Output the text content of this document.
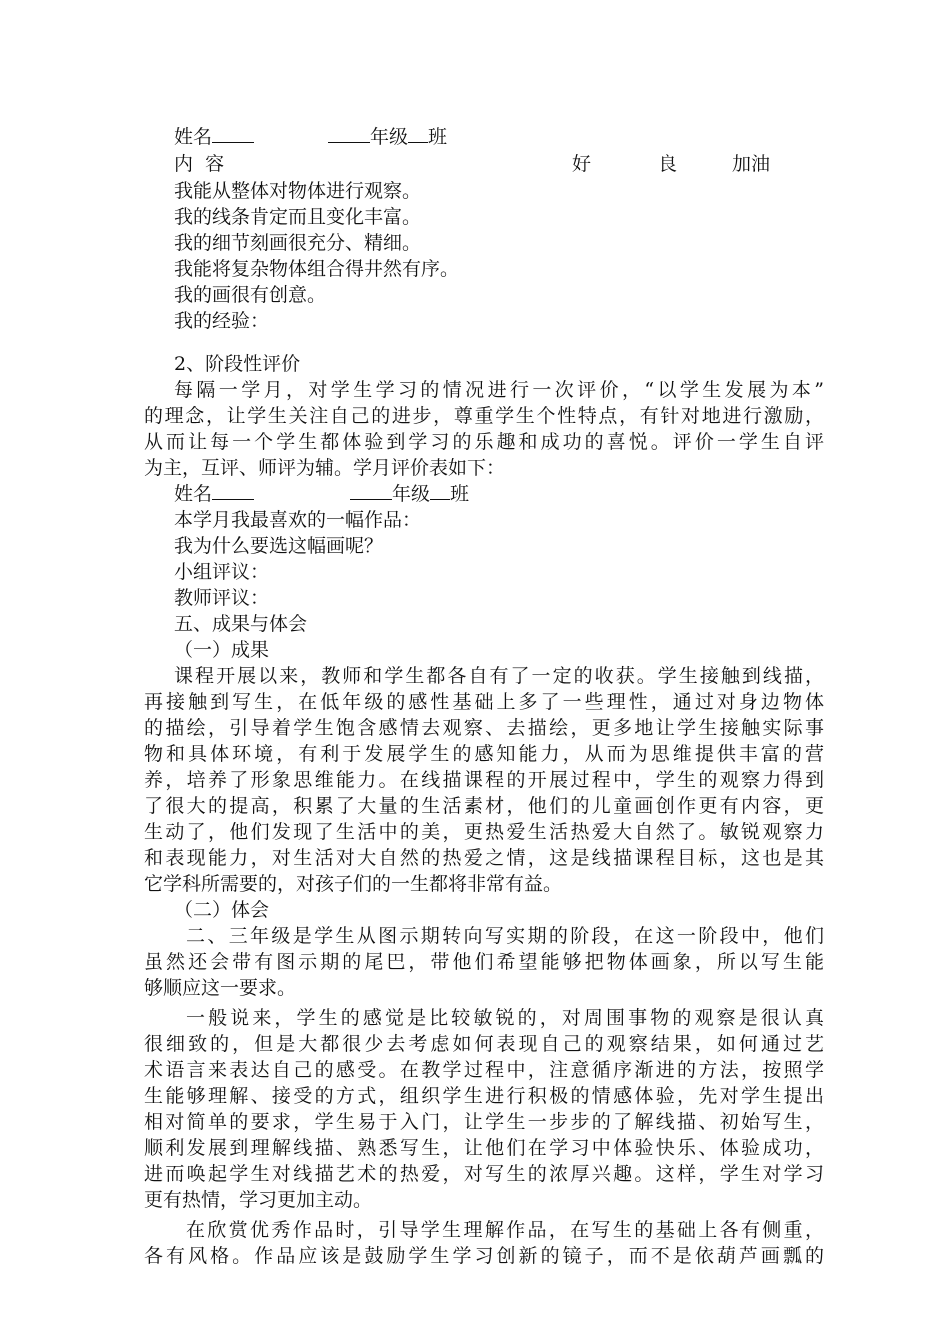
姓名	年级 班
内  容	好	良	加油
我能从整体对物体进行观察。
我的线条肯定而且变化丰富。
我的细节刻画很充分、精细。
我能将复杂物体组合得井然有序。
我的画很有创意。
我的经验：
2、阶段性评价
每隔一学月，对学生学习的情况进行一次评价，“以学生发展为本”
的理念，让学生关注自己的进步，尊重学生个性特点，有针对地进行激励，
从而让每一个学生都体验到学习的乐趣和成功的喜悦。评价一学生自评
为主，互评、师评为辅。学月评价表如下：
姓名	年级 班
本学月我最喜欢的一幅作品：
我为什么要选这幅画呢？
小组评议：
教师评议：
五、成果与体会
（一）成果
课程开展以来，教师和学生都各自有了一定的收获。学生接触到线描，
再接触到写生，在低年级的感性基础上多了一些理性，通过对身边物体
的描绘，引导着学生饱含感情去观察、去描绘，更多地让学生接触实际事
物和具体环境，有利于发展学生的感知能力，从而为思维提供丰富的营
养，培养了形象思维能力。在线描课程的开展过程中，学生的观察力得到
了很大的提高，积累了大量的生活素材，他们的儿童画创作更有内容，更
生动了，他们发现了生活中的美，更热爱生活热爱大自然了。敏锐观察力
和表现能力，对生活对大自然的热爱之情，这是线描课程目标，这也是其
它学科所需要的，对孩子们的一生都将非常有益。
（二）体会
二、三年级是学生从图示期转向写实期的阶段，在这一阶段中，他们
虽然还会带有图示期的尾巴，带他们希望能够把物体画象，所以写生能
够顺应这一要求。
一般说来，学生的感觉是比较敏锐的，对周围事物的观察是很认真
很细致的，但是大都很少去考虑如何表现自己的观察结果，如何通过艺
术语言来表达自己的感受。在教学过程中，注意循序渐进的方法，按照学
生能够理解、接受的方式，组织学生进行积极的情感体验，先对学生提出
相对简单的要求，学生易于入门，让学生一步步的了解线描、初始写生，
顺利发展到理解线描、熟悉写生，让他们在学习中体验快乐、体验成功，
进而唤起学生对线描艺术的热爱，对写生的浓厚兴趣。这样，学生对学习
更有热情，学习更加主动。
在欣赏优秀作品时，引导学生理解作品，在写生的基础上各有侧重，
各有风格。作品应该是鼓励学生学习创新的镜子，而不是依葫芦画瓢的
